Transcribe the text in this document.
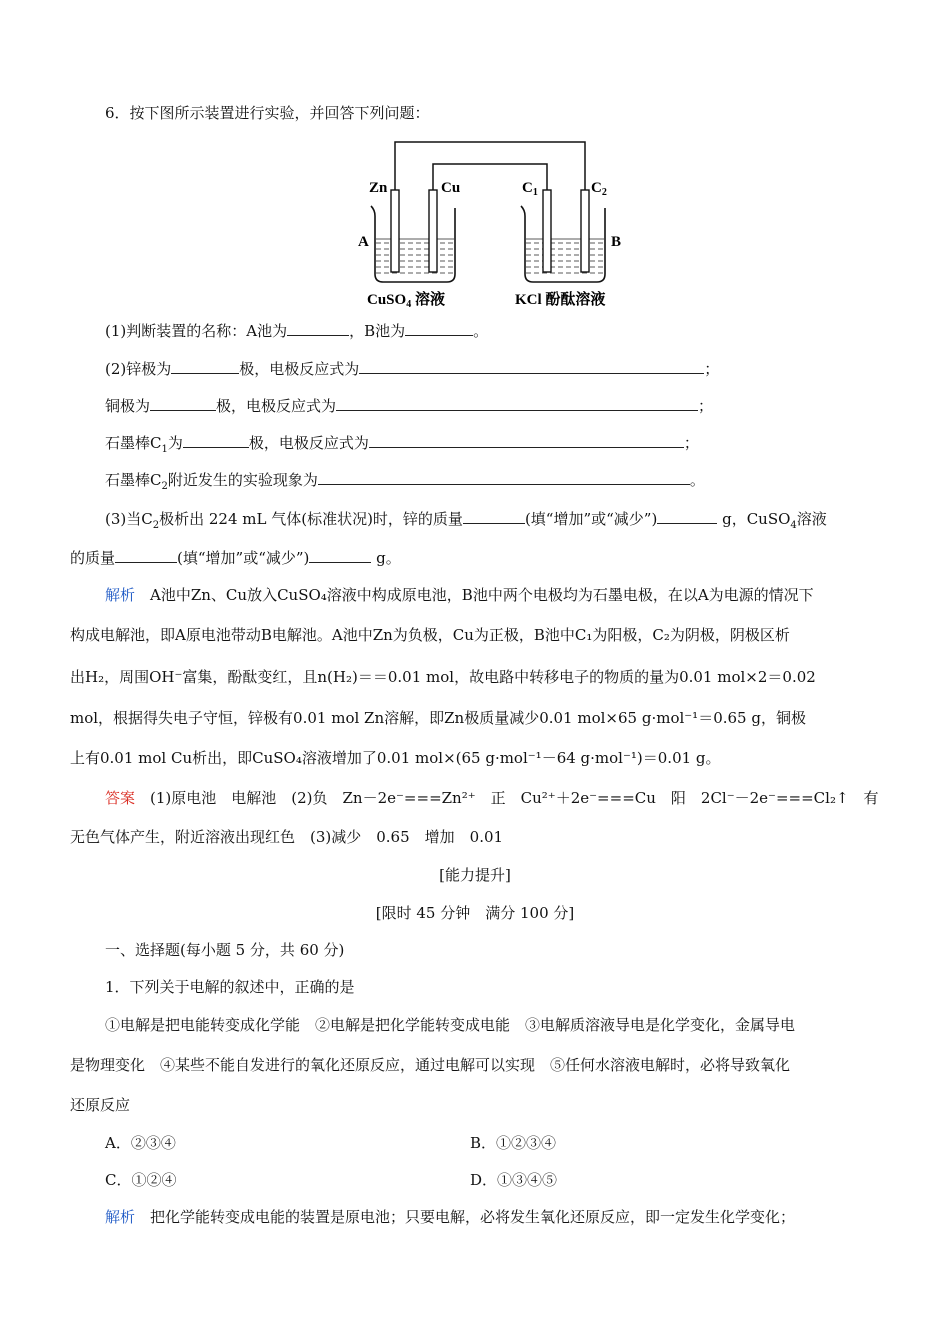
6．按下图所示装置进行实验，并回答下列问题：
Zn	Cu	$C_1$	$C_2$
A	B
CuSO$_4$ 溶液	KCl 酚酞溶液
(1)判断装置的名称：A池为	，B池为	。
(2)锌极为	极，电极反应式为	；
铜极为	极，电极反应式为	；
石墨棒$C_1$为	极，电极反应式为	；
石墨棒$C_2$附近发生的实验现象为	。
(3)当$C_2$极析出 224 mL 气体(标准状况)时，锌的质量	(填“增加”或“减少”)	g，CuSO$_4$溶液
的质量	(填“增加”或“减少”)	g。
解析　A池中Zn、Cu放入CuSO₄溶液中构成原电池，B池中两个电极均为石墨电极，在以A为电源的情况下
构成电解池，即A原电池带动B电解池。A池中Zn为负极，Cu为正极，B池中C₁为阳极，C₂为阴极，阴极区析
出H₂，周围OH⁻富集，酚酞变红，且n(H₂)＝＝0.01 mol，故电路中转移电子的物质的量为0.01 mol×2＝0.02
mol，根据得失电子守恒，锌极有0.01 mol Zn溶解，即Zn极质量减少0.01 mol×65 g·mol⁻¹＝0.65 g，铜极
上有0.01 mol Cu析出，即CuSO₄溶液增加了0.01 mol×(65 g·mol⁻¹－64 g·mol⁻¹)＝0.01 g。
答案　(1)原电池　电解池　(2)负　Zn－2e⁻===Zn²⁺　正　Cu²⁺＋2e⁻===Cu　阳　2Cl⁻－2e⁻===Cl₂↑　有
无色气体产生，附近溶液出现红色　(3)减少　0.65　增加　0.01
[能力提升]
[限时 45 分钟　满分 100 分]
一、选择题(每小题 5 分，共 60 分)
1．下列关于电解的叙述中，正确的是
①电解是把电能转变成化学能　②电解是把化学能转变成电能　③电解质溶液导电是化学变化，金属导电
是物理变化　④某些不能自发进行的氧化还原反应，通过电解可以实现　⑤任何水溶液电解时，必将导致氧化
还原反应
A．②③④	B．①②③④
C．①②④	D．①③④⑤
解析　把化学能转变成电能的装置是原电池；只要电解，必将发生氧化还原反应，即一定发生化学变化；
